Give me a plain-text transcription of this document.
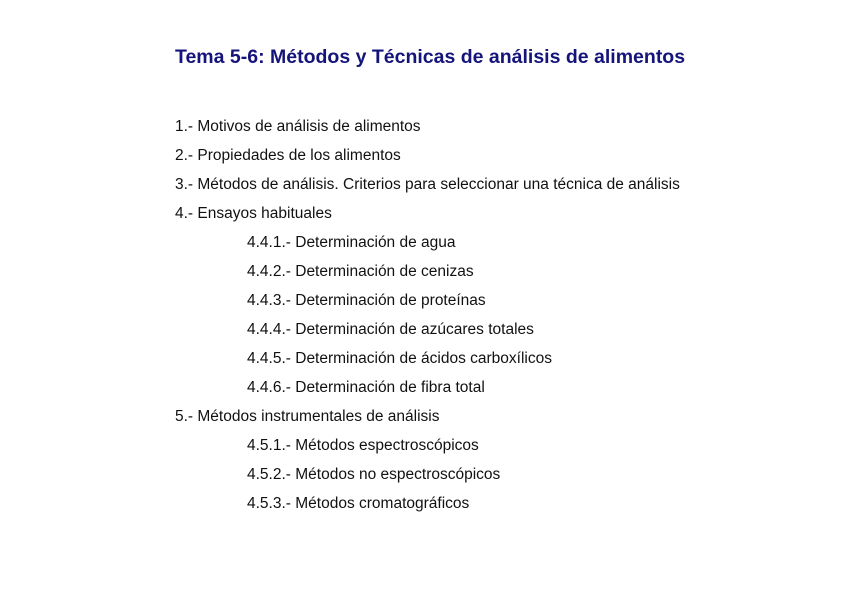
Tema 5-6: Métodos y Técnicas de análisis de alimentos
1.- Motivos de análisis de alimentos
2.- Propiedades de los alimentos
3.- Métodos de análisis. Criterios para seleccionar una técnica de análisis
4.- Ensayos habituales
4.4.1.- Determinación de agua
4.4.2.- Determinación de cenizas
4.4.3.- Determinación de proteínas
4.4.4.- Determinación de azúcares totales
4.4.5.- Determinación de ácidos carboxílicos
4.4.6.- Determinación de fibra total
5.- Métodos instrumentales de análisis
4.5.1.- Métodos espectroscópicos
4.5.2.- Métodos no espectroscópicos
4.5.3.- Métodos cromatográficos
